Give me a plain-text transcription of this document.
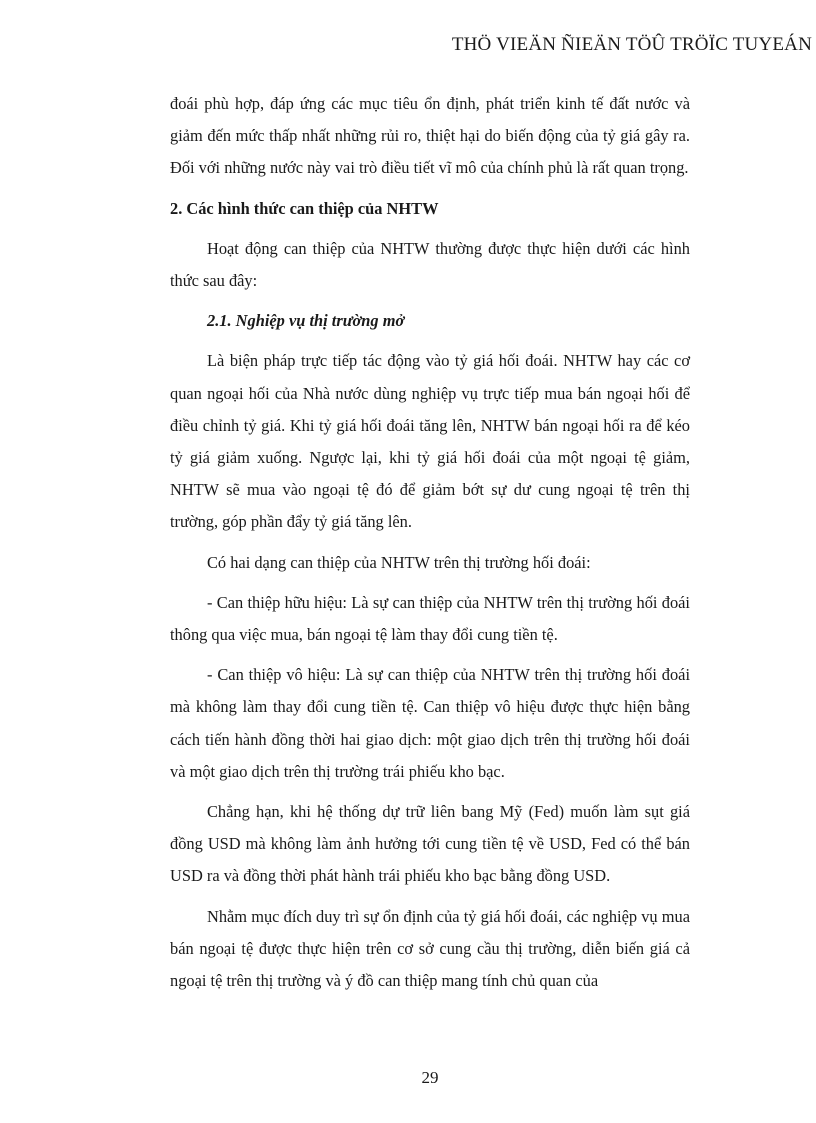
THÖ VIEÄN ÑIEÄN TÖÛ TRÖÏC TUYEÁN

đoái phù hợp, đáp ứng các mục tiêu ổn định, phát triển kinh tế đất nước và giảm đến mức thấp nhất những rủi ro, thiệt hại do biến động của tỷ giá gây ra. Đối với những nước này vai trò điều tiết vĩ mô của chính phủ là rất quan trọng.

2. Các hình thức can thiệp của NHTW

Hoạt động can thiệp của NHTW thường được thực hiện dưới các hình thức sau đây:

2.1. Nghiệp vụ thị trường mở

Là biện pháp trực tiếp tác động vào tỷ giá hối đoái. NHTW hay các cơ quan ngoại hối của Nhà nước dùng nghiệp vụ trực tiếp mua bán ngoại hối để điều chỉnh tỷ giá. Khi tỷ giá hối đoái tăng lên, NHTW bán ngoại hối ra để kéo tỷ giá giảm xuống. Ngược lại, khi tỷ giá hối đoái của một ngoại tệ giảm, NHTW sẽ mua vào ngoại tệ đó để giảm bớt sự dư cung ngoại tệ trên thị trường, góp phần đẩy tỷ giá tăng lên.

Có hai dạng can thiệp của NHTW trên thị trường hối đoái:

- Can thiệp hữu hiệu: Là sự can thiệp của NHTW trên thị trường hối đoái thông qua việc mua, bán ngoại tệ làm thay đổi cung tiền tệ.

- Can thiệp vô hiệu: Là sự can thiệp của NHTW trên thị trường hối đoái mà không làm thay đổi cung tiền tệ. Can thiệp vô hiệu được thực hiện bằng cách tiến hành đồng thời hai giao dịch: một giao dịch trên thị trường hối đoái và một giao dịch trên thị trường trái phiếu kho bạc.

Chẳng hạn, khi hệ thống dự trữ liên bang Mỹ (Fed) muốn làm sụt giá đồng USD mà không làm ảnh hưởng tới cung tiền tệ về USD, Fed có thể bán USD ra và đồng thời phát hành trái phiếu kho bạc bằng đồng USD.

Nhằm mục đích duy trì sự ổn định của tỷ giá hối đoái, các nghiệp vụ mua bán ngoại tệ được thực hiện trên cơ sở cung cầu thị trường, diễn biến giá cả ngoại tệ trên thị trường và ý đồ can thiệp mang tính chủ quan của

29
